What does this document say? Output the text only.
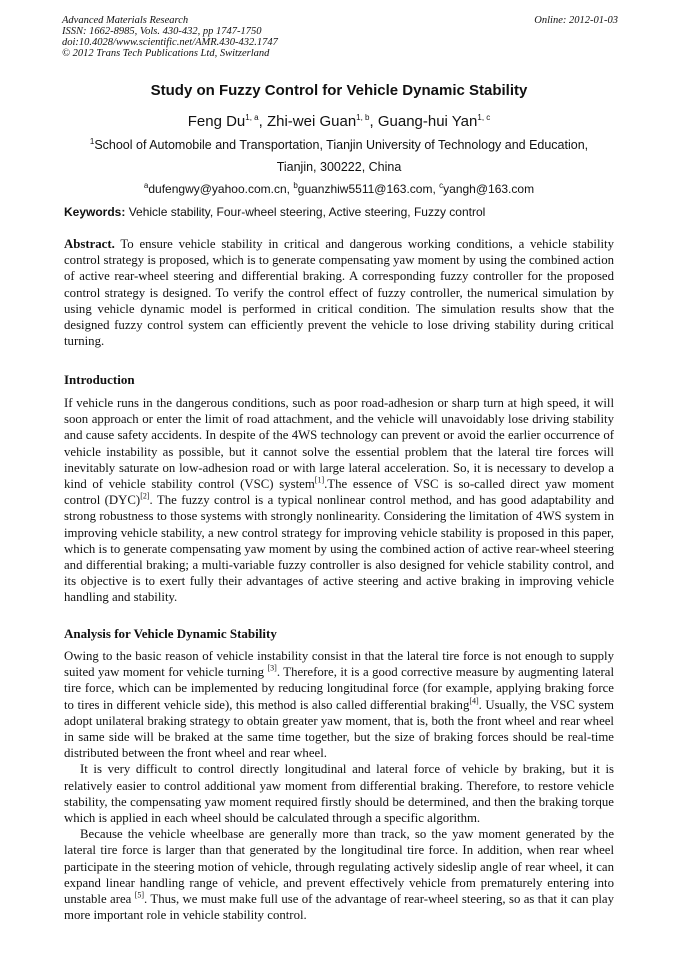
Advanced Materials Research
ISSN: 1662-8985, Vols. 430-432, pp 1747-1750
doi:10.4028/www.scientific.net/AMR.430-432.1747
© 2012 Trans Tech Publications Ltd, Switzerland
Online: 2012-01-03
Study on Fuzzy Control for Vehicle Dynamic Stability
Feng Du$^{1, a}$, Zhi-wei Guan$^{1, b}$, Guang-hui Yan$^{1, c}$
$^1$School of Automobile and Transportation, Tianjin University of Technology and Education,
Tianjin, 300222, China
$^a$dufengwy@yahoo.com.cn, $^b$guanzhiw5511@163.com, $^c$yangh@163.com
Keywords: Vehicle stability, Four-wheel steering, Active steering, Fuzzy control

Abstract. To ensure vehicle stability in critical and dangerous working conditions, a vehicle stability control strategy is proposed, which is to generate compensating yaw moment by using the combined action of active rear-wheel steering and differential braking. A corresponding fuzzy controller for the proposed control strategy is designed. To verify the control effect of fuzzy controller, the numerical simulation by using vehicle dynamic model is performed in critical condition. The simulation results show that the designed fuzzy control system can efficiently prevent the vehicle to lose driving stability during critical turning.

Introduction

If vehicle runs in the dangerous conditions, such as poor road-adhesion or sharp turn at high speed, it will soon approach or enter the limit of road attachment, and the vehicle will unavoidably lose driving stability and cause safety accidents. In despite of the 4WS technology can prevent or avoid the earlier occurrence of vehicle instability as possible, but it cannot solve the essential problem that the lateral tire forces will inevitably saturate on low-adhesion road or with large lateral acceleration. So, it is necessary to develop a kind of vehicle stability control (VSC) system[1].The essence of VSC is so-called direct yaw moment control (DYC)[2]. The fuzzy control is a typical nonlinear control method, and has good adaptability and strong robustness to those systems with strongly nonlinearity. Considering the limitation of 4WS system in improving vehicle stability, a new control strategy for improving vehicle stability is proposed in this paper, which is to generate compensating yaw moment by using the combined action of active rear-wheel steering and differential braking; a multi-variable fuzzy controller is also designed for vehicle stability control, and its objective is to exert fully their advantages of active steering and active braking in improving vehicle handling and stability.

Analysis for Vehicle Dynamic Stability

Owing to the basic reason of vehicle instability consist in that the lateral tire force is not enough to supply suited yaw moment for vehicle turning [3]. Therefore, it is a good corrective measure by augmenting lateral tire force, which can be implemented by reducing longitudinal force (for example, applying braking force to tires in different vehicle side), this method is also called differential braking[4]. Usually, the VSC system adopt unilateral braking strategy to obtain greater yaw moment, that is, both the front wheel and rear wheel in same side will be braked at the same time together, but the size of braking forces should be real-time distributed between the front wheel and rear wheel.

It is very difficult to control directly longitudinal and lateral force of vehicle by braking, but it is relatively easier to control additional yaw moment from differential braking. Therefore, to restore vehicle stability, the compensating yaw moment required firstly should be determined, and then the braking torque which is applied in each wheel should be calculated through a specific algorithm.

Because the vehicle wheelbase are generally more than track, so the yaw moment generated by the lateral tire force is larger than that generated by the longitudinal tire force. In addition, when rear wheel participate in the steering motion of vehicle, through regulating actively sideslip angle of rear wheel, it can expand linear handling range of vehicle, and prevent effectively vehicle from prematurely entering into unstable area [5]. Thus, we must make full use of the advantage of rear-wheel steering, so as that it can play more important role in vehicle stability control.
